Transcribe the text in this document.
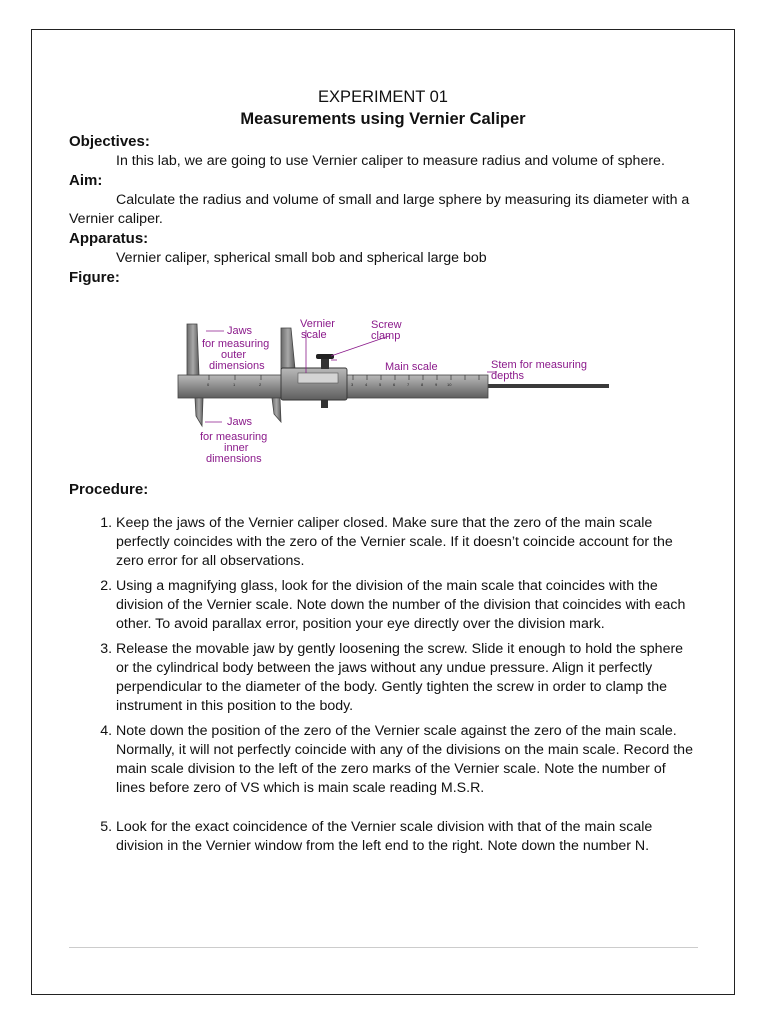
EXPERIMENT 01
Measurements using Vernier Caliper

Objectives:

In this lab, we are going to use Vernier caliper to measure radius and volume of sphere.

Aim:

Calculate the radius and volume of small and large sphere by measuring its diameter with a Vernier caliper.

Apparatus:

Vernier caliper, spherical small bob and spherical large bob

Figure:

0	1	2	3	4	5	6	7	8	9 10
Jaws
for measuring
outer
dimensions
Vernier
scale
Screw
clamp
Main scale	Stem for measuring
depths
Jaws
for measuring
inner
dimensions

Procedure:

1. Keep the jaws of the Vernier caliper closed. Make sure that the zero of the main scale perfectly coincides with the zero of the Vernier scale. If it doesn’t coincide account for the zero error for all observations.
2. Using a magnifying glass, look for the division of the main scale that coincides with the division of the Vernier scale. Note down the number of the division that coincides with each other. To avoid parallax error, position your eye directly over the division mark.
3. Release the movable jaw by gently loosening the screw. Slide it enough to hold the sphere or the cylindrical body between the jaws without any undue pressure. Align it perfectly perpendicular to the diameter of the body. Gently tighten the screw in order to clamp the instrument in this position to the body.
4. Note down the position of the zero of the Vernier scale against the zero of the main scale. Normally, it will not perfectly coincide with any of the divisions on the main scale. Record the main scale division to the left of the zero marks of the Vernier scale. Note the number of lines before zero of VS which is main scale reading M.S.R.
5. Look for the exact coincidence of the Vernier scale division with that of the main scale division in the Vernier window from the left end to the right. Note down the number N.
